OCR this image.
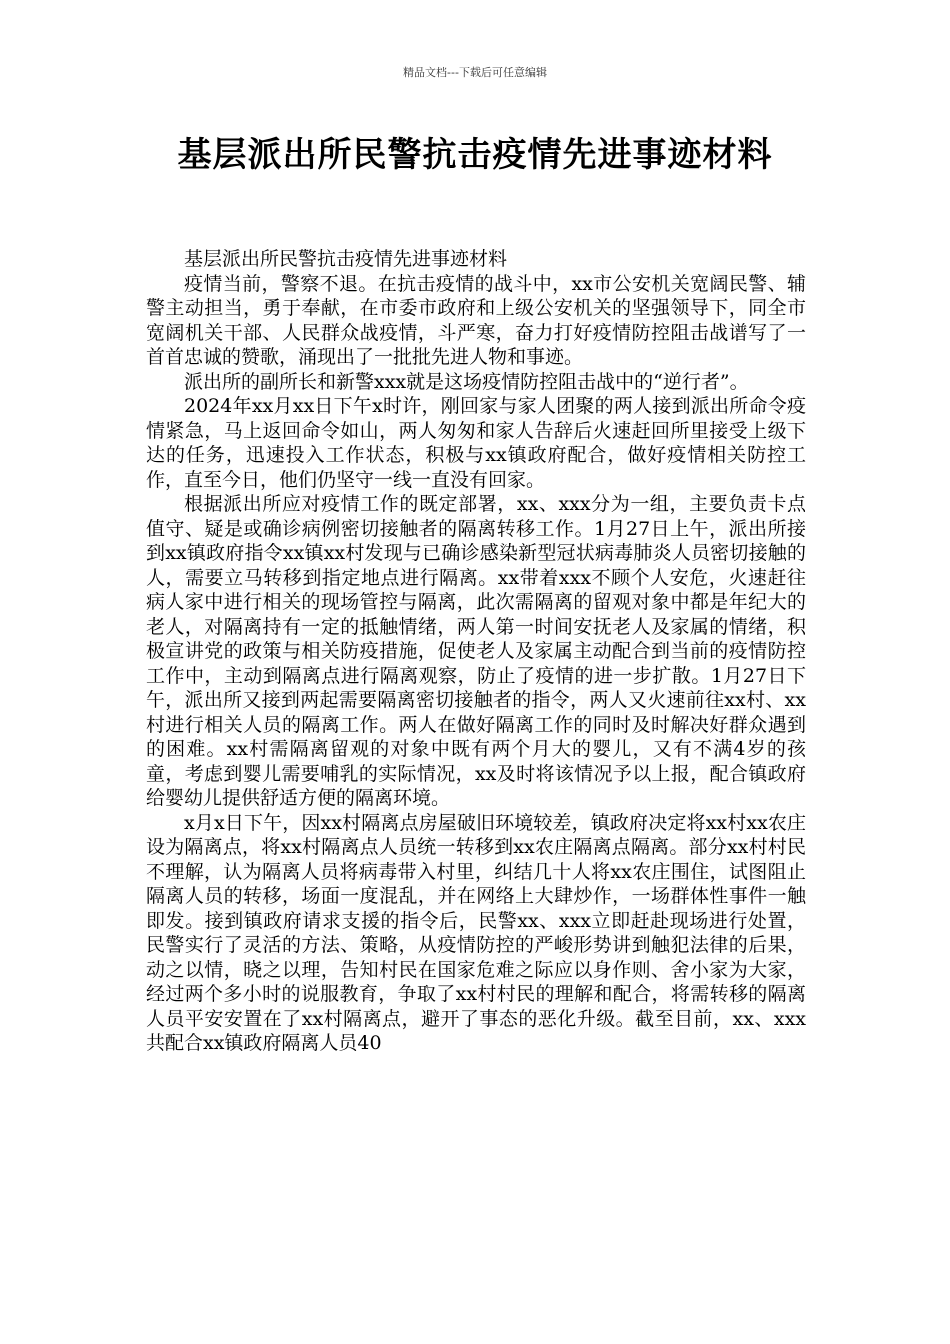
精品文档---下载后可任意编辑
基层派出所民警抗击疫情先进事迹材料

基层派出所民警抗击疫情先进事迹材料

疫情当前，警察不退。在抗击疫情的战斗中，xx市公安机关宽阔民警、辅警主动担当，勇于奉献，在市委市政府和上级公安机关的坚强领导下，同全市宽阔机关干部、人民群众战疫情，斗严寒，奋力打好疫情防控阻击战谱写了一首首忠诚的赞歌，涌现出了一批批先进人物和事迹。

派出所的副所长和新警xxx就是这场疫情防控阻击战中的“逆行者”。

2024年xx月xx日下午x时许，刚回家与家人团聚的两人接到派出所命令疫情紧急，马上返回命令如山，两人匆匆和家人告辞后火速赶回所里接受上级下达的任务，迅速投入工作状态，积极与xx镇政府配合，做好疫情相关防控工作，直至今日，他们仍坚守一线一直没有回家。

根据派出所应对疫情工作的既定部署，xx、xxx分为一组，主要负责卡点值守、疑是或确诊病例密切接触者的隔离转移工作。1月27日上午，派出所接到xx镇政府指令xx镇xx村发现与已确诊感染新型冠状病毒肺炎人员密切接触的人，需要立马转移到指定地点进行隔离。xx带着xxx不顾个人安危，火速赶往病人家中进行相关的现场管控与隔离，此次需隔离的留观对象中都是年纪大的老人，对隔离持有一定的抵触情绪，两人第一时间安抚老人及家属的情绪，积极宣讲党的政策与相关防疫措施，促使老人及家属主动配合到当前的疫情防控工作中，主动到隔离点进行隔离观察，防止了疫情的进一步扩散。1月27日下午，派出所又接到两起需要隔离密切接触者的指令，两人又火速前往xx村、xx村进行相关人员的隔离工作。两人在做好隔离工作的同时及时解决好群众遇到的困难。xx村需隔离留观的对象中既有两个月大的婴儿，又有不满4岁的孩童，考虑到婴儿需要哺乳的实际情况，xx及时将该情况予以上报，配合镇政府给婴幼儿提供舒适方便的隔离环境。

x月x日下午，因xx村隔离点房屋破旧环境较差，镇政府决定将xx村xx农庄设为隔离点，将xx村隔离点人员统一转移到xx农庄隔离点隔离。部分xx村村民不理解，认为隔离人员将病毒带入村里，纠结几十人将xx农庄围住，试图阻止隔离人员的转移，场面一度混乱，并在网络上大肆炒作，一场群体性事件一触即发。接到镇政府请求支援的指令后，民警xx、xxx立即赶赴现场进行处置，民警实行了灵活的方法、策略，从疫情防控的严峻形势讲到触犯法律的后果，动之以情，晓之以理，告知村民在国家危难之际应以身作则、舍小家为大家，经过两个多小时的说服教育，争取了xx村村民的理解和配合，将需转移的隔离人员平安安置在了xx村隔离点，避开了事态的恶化升级。截至目前，xx、xxx共配合xx镇政府隔离人员40
